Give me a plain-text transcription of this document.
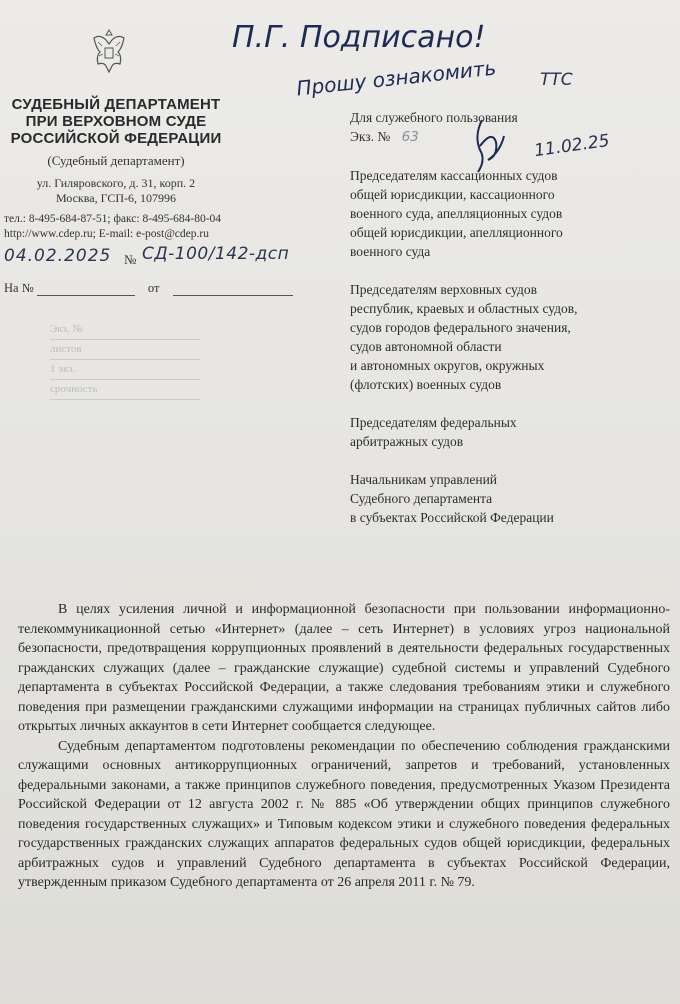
СУДЕБНЫЙ ДЕПАРТАМЕНТ
ПРИ ВЕРХОВНОМ СУДЕ
РОССИЙСКОЙ ФЕДЕРАЦИИ
(Судебный департамент)
ул. Гиляровского, д. 31, корп. 2
Москва, ГСП-6, 107996
тел.: 8-495-684-87-51; факс: 8-495-684-80-04
http://www.cdep.ru; E-mail: e-post@cdep.ru
04.02.2025 № СД-100/142-дсп
На №	от
Экз. №
листов
1 экз.
срочность
П.Г. Подписано!
Прошу ознакомить	ТТС
11.02.25
Для служебного пользования
Экз. № 63
Председателям кассационных судов
общей юрисдикции, кассационного
военного суда, апелляционных судов
общей юрисдикции, апелляционного
военного суда
Председателям верховных судов
республик, краевых и областных судов,
судов городов федерального значения,
судов автономной области
и автономных округов, окружных
(флотских) военных судов
Председателям федеральных
арбитражных судов
Начальникам управлений
Судебного департамента
в субъектах Российской Федерации

В целях усиления личной и информационной безопасности при пользовании информационно-телекоммуникационной сетью «Интернет» (далее – сеть Интернет) в условиях угроз национальной безопасности, предотвращения коррупционных проявлений в деятельности федеральных государственных гражданских служащих (далее – гражданские служащие) судебной системы и управлений Судебного департамента в субъектах Российской Федерации, а также следования требованиям этики и служебного поведения при размещении гражданскими служащими информации на страницах публичных сайтов либо открытых личных аккаунтов в сети Интернет сообщается следующее.

Судебным департаментом подготовлены рекомендации по обеспечению соблюдения гражданскими служащими основных антикоррупционных ограничений, запретов и требований, установленных федеральными законами, а также принципов служебного поведения, предусмотренных Указом Президента Российской Федерации от 12 августа 2002 г. № 885 «Об утверждении общих принципов служебного поведения государственных служащих» и Типовым кодексом этики и служебного поведения федеральных государственных гражданских служащих аппаратов федеральных судов общей юрисдикции, федеральных арбитражных судов и управлений Судебного департамента в субъектах Российской Федерации, утвержденным приказом Судебного департамента от 26 апреля 2011 г. № 79.
